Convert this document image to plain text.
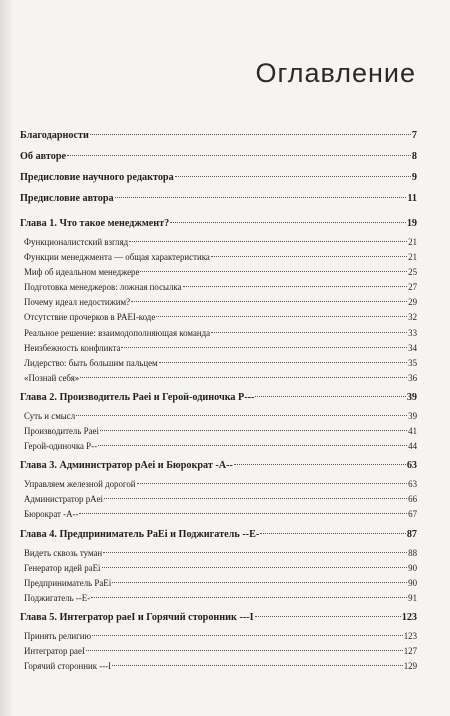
Оглавление
Благодарности	7
Об авторе	8
Предисловие научного редактора	9
Предисловие автора	11
Глава 1. Что такое менеджмент?	19
Функционалистский взгляд	21
Функции менеджмента — общая характеристика	21
Миф об идеальном менеджере	25
Подготовка менеджеров: ложная посылка	27
Почему идеал недостижим?	29
Отсутствие прочерков в PAEI-коде	32
Реальное решение: взаимодополняющая команда	33
Неизбежность конфликта	34
Лидерство: быть большим пальцем	35
«Познай себя»	36
Глава 2. Производитель Paei и Герой-одиночка P---	39
Суть и смысл	39
Производитель Paei	41
Герой-одиночка P--	44
Глава 3. Администратор pAei и Бюрократ -A--	63
Управляем железной дорогой	63
Администратор pAei	66
Бюрократ -A--	67
Глава 4. Предприниматель PaEi и Поджигатель --E-	87
Видеть сквозь туман	88
Генератор идей paEi	90
Предприниматель PaEi	90
Поджигатель --E-	91
Глава 5. Интегратор paeI и Горячий сторонник ---I	123
Принять религию	123
Интегратор paeI	127
Горячий сторонник ---I	129
